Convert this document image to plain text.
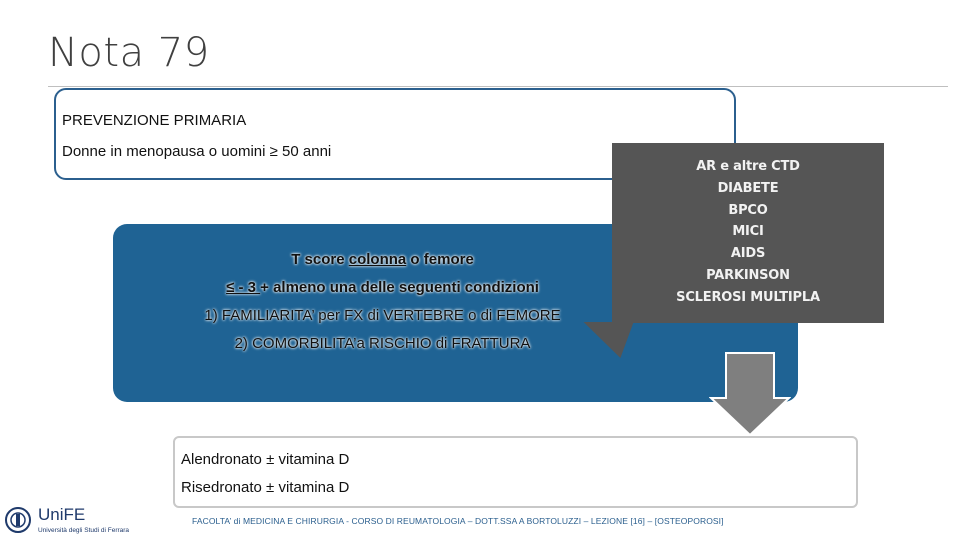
Nota 79
PREVENZIONE PRIMARIA
Donne in menopausa o uomini ≥ 50 anni
T score colonna o femore
≤ - 3 + almeno una delle seguenti condizioni
1) FAMILIARITA’ per FX di VERTEBRE o di FEMORE
2) COMORBILITA’a RISCHIO di FRATTURA
AR e altre CTD
DIABETE
BPCO
MICI
AIDS
PARKINSON
SCLEROSI MULTIPLA
Alendronato ± vitamina D
Risedronato ± vitamina D
UniFE
Università degli Studi di Ferrara
FACOLTA’ di MEDICINA E CHIRURGIA - CORSO DI REUMATOLOGIA – DOTT.SSA A BORTOLUZZI – LEZIONE [16] – [OSTEOPOROSI]
